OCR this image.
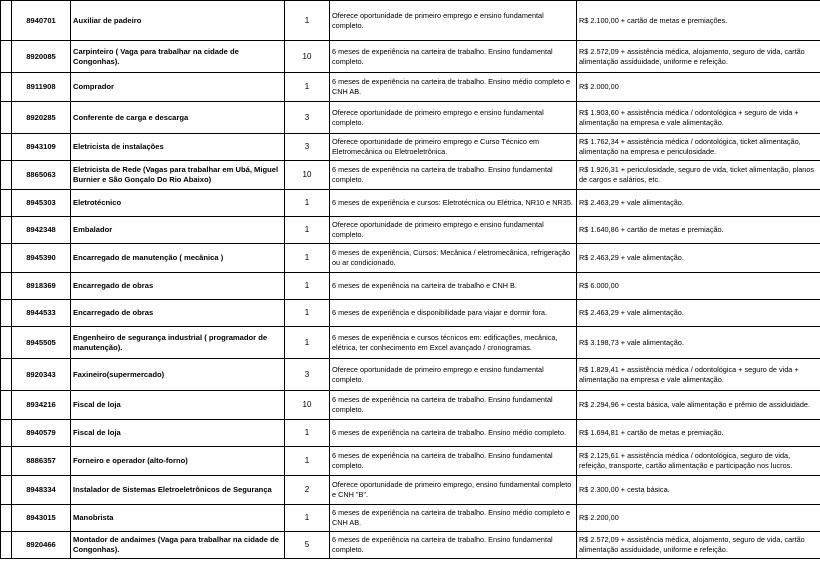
	8940701	Auxiliar de padeiro	1	Oferece oportunidade de primeiro emprego e ensino fundamental completo.	R$ 2.100,00 + cartão de metas e premiações.
	8920085	Carpinteiro ( Vaga para trabalhar na cidade de Congonhas).	10	6 meses de experiência na carteira de trabalho. Ensino fundamental completo.	R$ 2.572,09 + assistência médica, alojamento, seguro de vida, cartão alimentação assiduidade, uniforme e refeição.
	8911908	Comprador	1	6 meses de experiência na carteira de trabalho. Ensino médio completo e CNH AB.	R$ 2.000,00
	8920285	Conferente de carga e descarga	3	Oferece oportunidade de primeiro emprego e ensino fundamental completo.	R$ 1.903,60 + assistência médica / odontológica + seguro de vida + alimentação na empresa e vale alimentação.
	8943109	Eletricista de instalações	3	Oferece oportunidade de primeiro emprego e Curso Técnico em Eletromecânica ou Eletroeletrônica.	R$ 1.762,34 + assistência médica / odontológica, ticket alimentação, alimentação na empresa e periculosidade.
	8865063	Eletricista de Rede (Vagas para trabalhar em Ubá, Miguel Burnier e São Gonçalo Do Rio Abaixo)	10	6 meses de experiência na carteira de trabalho. Ensino fundamental completo.	R$ 1.926,31 + periculosidade, seguro de vida, ticket alimentação, planos de cargos e salários, etc.
	8945303	Eletrotécnico	1	6 meses de experiência e cursos: Eletrotécnica ou Elétrica, NR10 e NR35.	R$ 2.463,29 + vale alimentação.
	8942348	Embalador	1	Oferece oportunidade de primeiro emprego e ensino fundamental completo.	R$ 1.640,86 + cartão de metas e premiação.
	8945390	Encarregado de manutenção ( mecânica )	1	6 meses de experiência, Cursos: Mecânica / eletromecânica, refrigeração ou ar condicionado.	R$ 2.463,29 + vale alimentação.
	8918369	Encarregado de obras	1	6 meses de experiência na carteira de trabalho e CNH B.	R$ 6.000,00
	8944533	Encarregado de obras	1	6 meses de experiência e disponibilidade para viajar e dormir fora.	R$ 2.463,29 + vale alimentação.
	8945505	Engenheiro de segurança industrial ( programador de manutenção).	1	6 meses de experiência e cursos técnicos em: edificações, mecânica, elétrica, ter conhecimento em Excel avançado / cronogramas.	R$ 3.198,73 + vale alimentação.
	8920343	Faxineiro(supermercado)	3	Oferece oportunidade de primeiro emprego e ensino fundamental completo.	R$ 1.829,41 + assistência médica / odontológica + seguro de vida + alimentação na empresa e vale alimentação.
	8934216	Fiscal de loja	10	6 meses de experiência na carteira de trabalho. Ensino fundamental completo.	R$ 2.294,96 + cesta básica, vale alimentação e prêmio de assiduidade.
	8940579	Fiscal de loja	1	6 meses de experiência na carteira de trabalho. Ensino médio completo.	R$ 1.694,81 + cartão de metas e premiação.
	8886357	Forneiro e operador (alto-forno)	1	6 meses de experiência na carteira de trabalho. Ensino fundamental completo.	R$ 2.125,61 + assistência médica / odontológica, seguro de vida, refeição, transporte, cartão alimentação e participação nos lucros.
	8948334	Instalador de Sistemas Eletroeletrônicos de Segurança	2	Oferece oportunidade de primeiro emprego, ensino fundamental completo e CNH "B".	R$ 2.300,00 + cesta básica.
	8943015	Manobrista	1	6 meses de experiência na carteira de trabalho. Ensino médio completo e CNH AB.	R$ 2.200,00
	8920466	Montador de andaimes (Vaga para trabalhar na cidade de Congonhas).	5	6 meses de experiência na carteira de trabalho. Ensino fundamental completo.	R$ 2.572,09 + assistência médica, alojamento, seguro de vida, cartão alimentação assiduidade, uniforme e refeição.
